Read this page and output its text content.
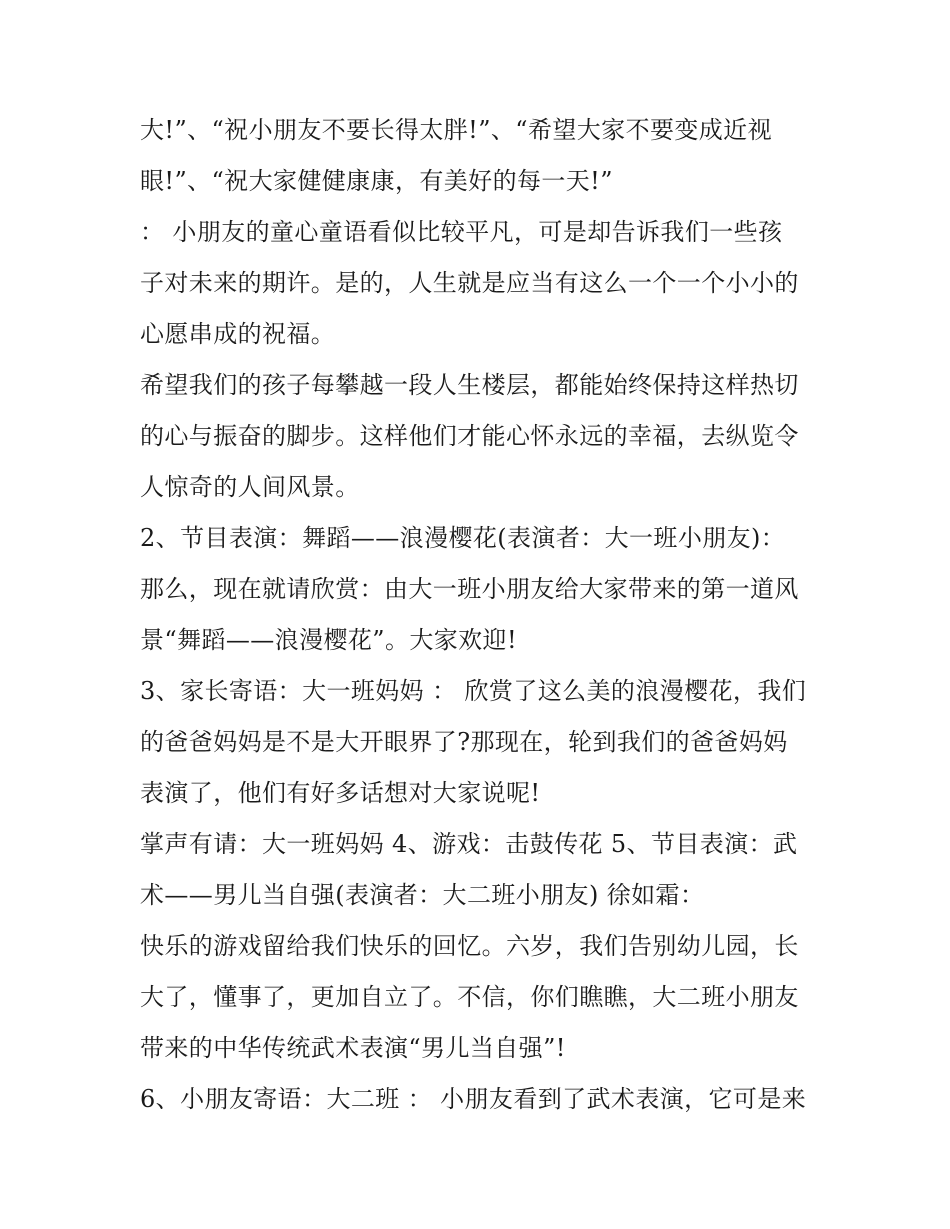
大!”、“祝小朋友不要长得太胖!”、“希望大家不要变成近视
眼!”、“祝大家健健康康，有美好的每一天!”
： 小朋友的童心童语看似比较平凡，可是却告诉我们一些孩
子对未来的期许。是的，人生就是应当有这么一个一个小小的
心愿串成的祝福。
希望我们的孩子每攀越一段人生楼层，都能始终保持这样热切
的心与振奋的脚步。这样他们才能心怀永远的幸福，去纵览令
人惊奇的人间风景。
2、节目表演：舞蹈——浪漫樱花(表演者：大一班小朋友)：
那么，现在就请欣赏：由大一班小朋友给大家带来的第一道风
景“舞蹈——浪漫樱花”。大家欢迎!
3、家长寄语：大一班妈妈 ： 欣赏了这么美的浪漫樱花，我们
的爸爸妈妈是不是大开眼界了?那现在，轮到我们的爸爸妈妈
表演了，他们有好多话想对大家说呢!
掌声有请：大一班妈妈 4、游戏：击鼓传花 5、节目表演：武
术——男儿当自强(表演者：大二班小朋友) 徐如霜：
快乐的游戏留给我们快乐的回忆。六岁，我们告别幼儿园，长
大了，懂事了，更加自立了。不信，你们瞧瞧，大二班小朋友
带来的中华传统武术表演“男儿当自强”!
6、小朋友寄语：大二班 ： 小朋友看到了武术表演，它可是来
